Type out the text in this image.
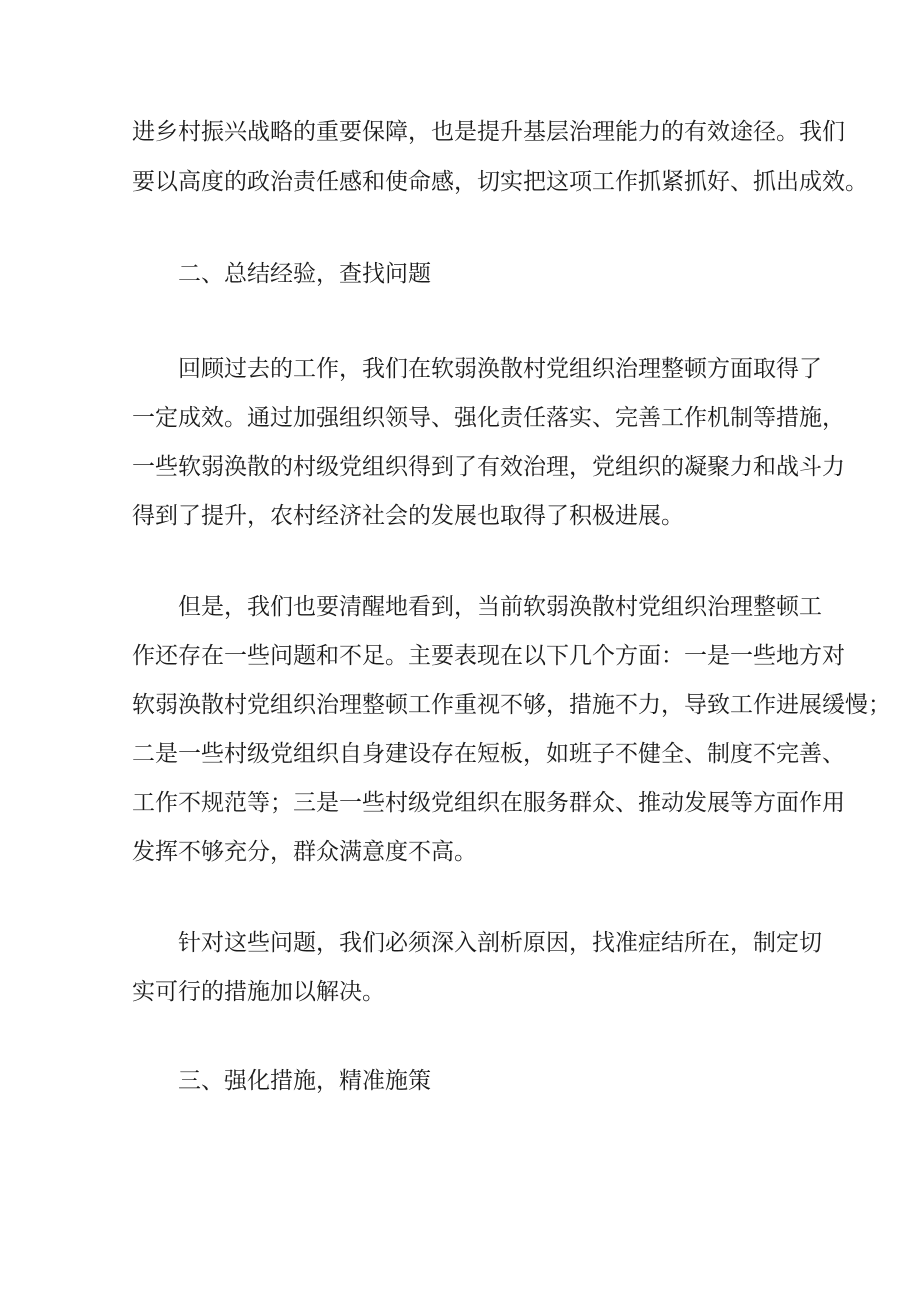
进乡村振兴战略的重要保障，也是提升基层治理能力的有效途径。我们
要以高度的政治责任感和使命感，切实把这项工作抓紧抓好、抓出成效。
二、总结经验，查找问题
回顾过去的工作，我们在软弱涣散村党组织治理整顿方面取得了
一定成效。通过加强组织领导、强化责任落实、完善工作机制等措施，
一些软弱涣散的村级党组织得到了有效治理，党组织的凝聚力和战斗力
得到了提升，农村经济社会的发展也取得了积极进展。
但是，我们也要清醒地看到，当前软弱涣散村党组织治理整顿工
作还存在一些问题和不足。主要表现在以下几个方面：一是一些地方对
软弱涣散村党组织治理整顿工作重视不够，措施不力，导致工作进展缓慢；
二是一些村级党组织自身建设存在短板，如班子不健全、制度不完善、
工作不规范等；三是一些村级党组织在服务群众、推动发展等方面作用
发挥不够充分，群众满意度不高。
针对这些问题，我们必须深入剖析原因，找准症结所在，制定切
实可行的措施加以解决。
三、强化措施，精准施策
